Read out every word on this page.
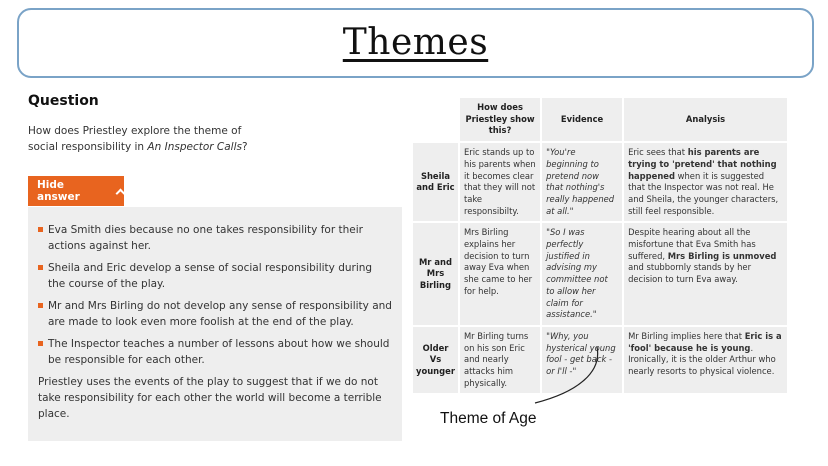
Themes
Question
How does Priestley explore the theme of social responsibility in An Inspector Calls?
Hide answer
Eva Smith dies because no one takes responsibility for their actions against her.
Sheila and Eric develop a sense of social responsibility during the course of the play.
Mr and Mrs Birling do not develop any sense of responsibility and are made to look even more foolish at the end of the play.
The Inspector teaches a number of lessons about how we should be responsible for each other.

Priestley uses the events of the play to suggest that if we do not take responsibility for each other the world will become a terrible place.

	How does Priestley show this?	Evidence	Analysis
Sheila and Eric	Eric stands up to his parents when it becomes clear that they will not take responsibilty.	"You're beginning to pretend now that nothing's really happened at all."	Eric sees that his parents are trying to 'pretend' that nothing happened when it is suggested that the Inspector was not real. He and Sheila, the younger characters, still feel responsible.
Mr and Mrs Birling	Mrs Birling explains her decision to turn away Eva when she came to her for help.	"So I was perfectly justified in advising my committee not to allow her claim for assistance."	Despite hearing about all the misfortune that Eva Smith has suffered, Mrs Birling is unmoved and stubbornly stands by her decision to turn Eva away.
Older Vs younger	Mr Birling turns on his son Eric and nearly attacks him physically.	"Why, you hysterical young fool - get back - or I'll -"	Mr Birling implies here that Eric is a 'fool' because he is young. Ironically, it is the older Arthur who nearly resorts to physical violence.
Theme of Age
